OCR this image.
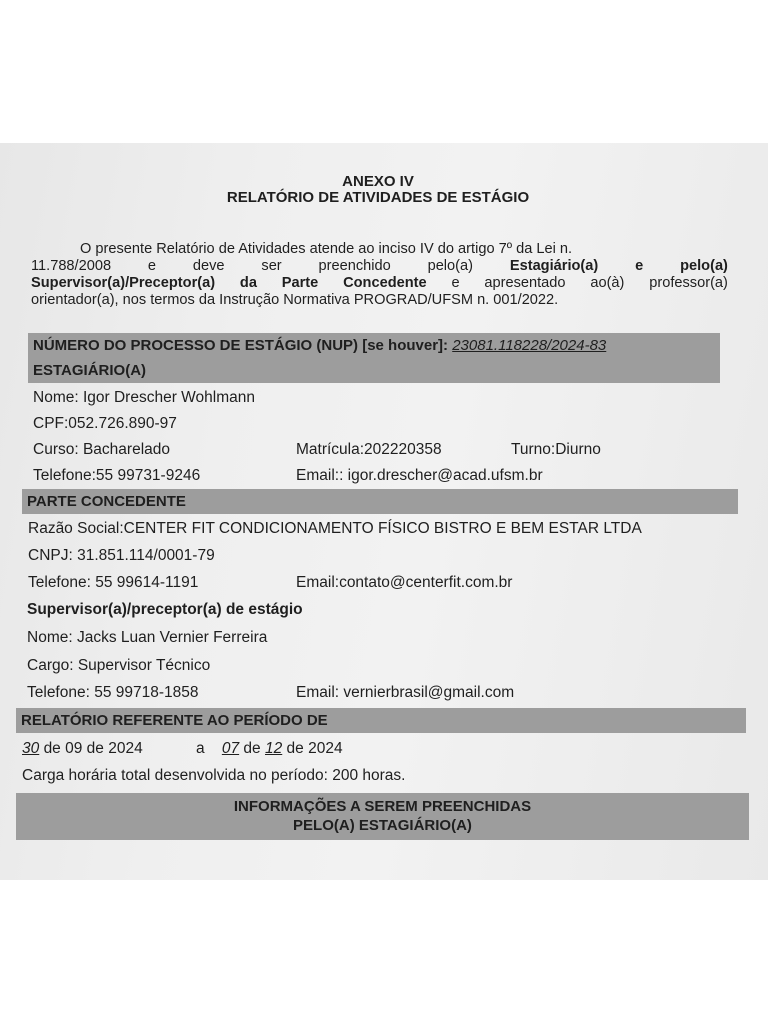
ANEXO IV
RELATÓRIO DE ATIVIDADES DE ESTÁGIO
O presente Relatório de Atividades atende ao inciso IV do artigo 7º da Lei n.
11.788/2008	e	deve	ser	preenchido	pelo(a)	Estagiário(a)	e	pelo(a)
Supervisor(a)/Preceptor(a) da Parte Concedente e apresentado ao(à) professor(a)
orientador(a), nos termos da Instrução Normativa PROGRAD/UFSM n. 001/2022.
NÚMERO DO PROCESSO DE ESTÁGIO (NUP) [se houver]: 23081.118228/2024-83
ESTAGIÁRIO(A)
Nome: Igor Drescher Wohlmann
CPF:052.726.890-97
Curso: Bacharelado	Matrícula:202220358	Turno:Diurno
Telefone:55 99731-9246	Email:: igor.drescher@acad.ufsm.br
PARTE CONCEDENTE
Razão Social:CENTER FIT CONDICIONAMENTO FÍSICO BISTRO E BEM ESTAR LTDA
CNPJ: 31.851.114/0001-79
Telefone: 55 99614-1191	Email:contato@centerfit.com.br
Supervisor(a)/preceptor(a) de estágio
Nome: Jacks Luan Vernier Ferreira
Cargo: Supervisor Técnico
Telefone: 55 99718-1858	Email: vernierbrasil@gmail.com
RELATÓRIO REFERENTE AO PERÍODO DE
30 de 09 de 2024	a 07 de 12 de 2024
Carga horária total desenvolvida no período: 200 horas.
INFORMAÇÕES A SEREM PREENCHIDAS
PELO(A) ESTAGIÁRIO(A)
